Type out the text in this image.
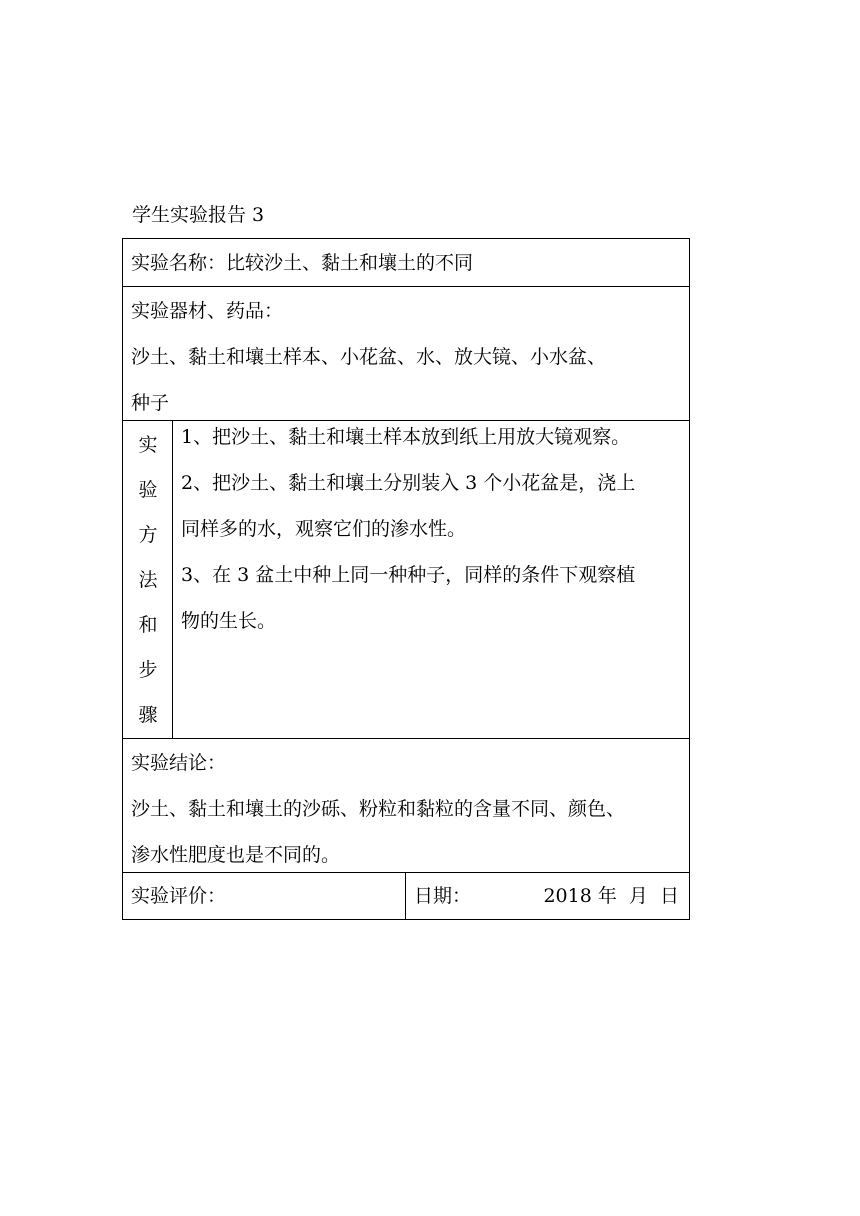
学生实验报告 3
实验名称：比较沙土、黏土和壤土的不同
实验器材、药品：
沙土、黏土和壤土样本、小花盆、水、放大镜、小水盆、
种子
实
验
方
法
和
步
骤
1、把沙土、黏土和壤土样本放到纸上用放大镜观察。
2、把沙土、黏土和壤土分别装入 3 个小花盆是，浇上
同样多的水，观察它们的渗水性。
3、在 3 盆土中种上同一种种子，同样的条件下观察植
物的生长。
实验结论：
沙土、黏土和壤土的沙砾、粉粒和黏粒的含量不同、颜色、
渗水性肥度也是不同的。
实验评价：	日期：	2018 年  月  日
